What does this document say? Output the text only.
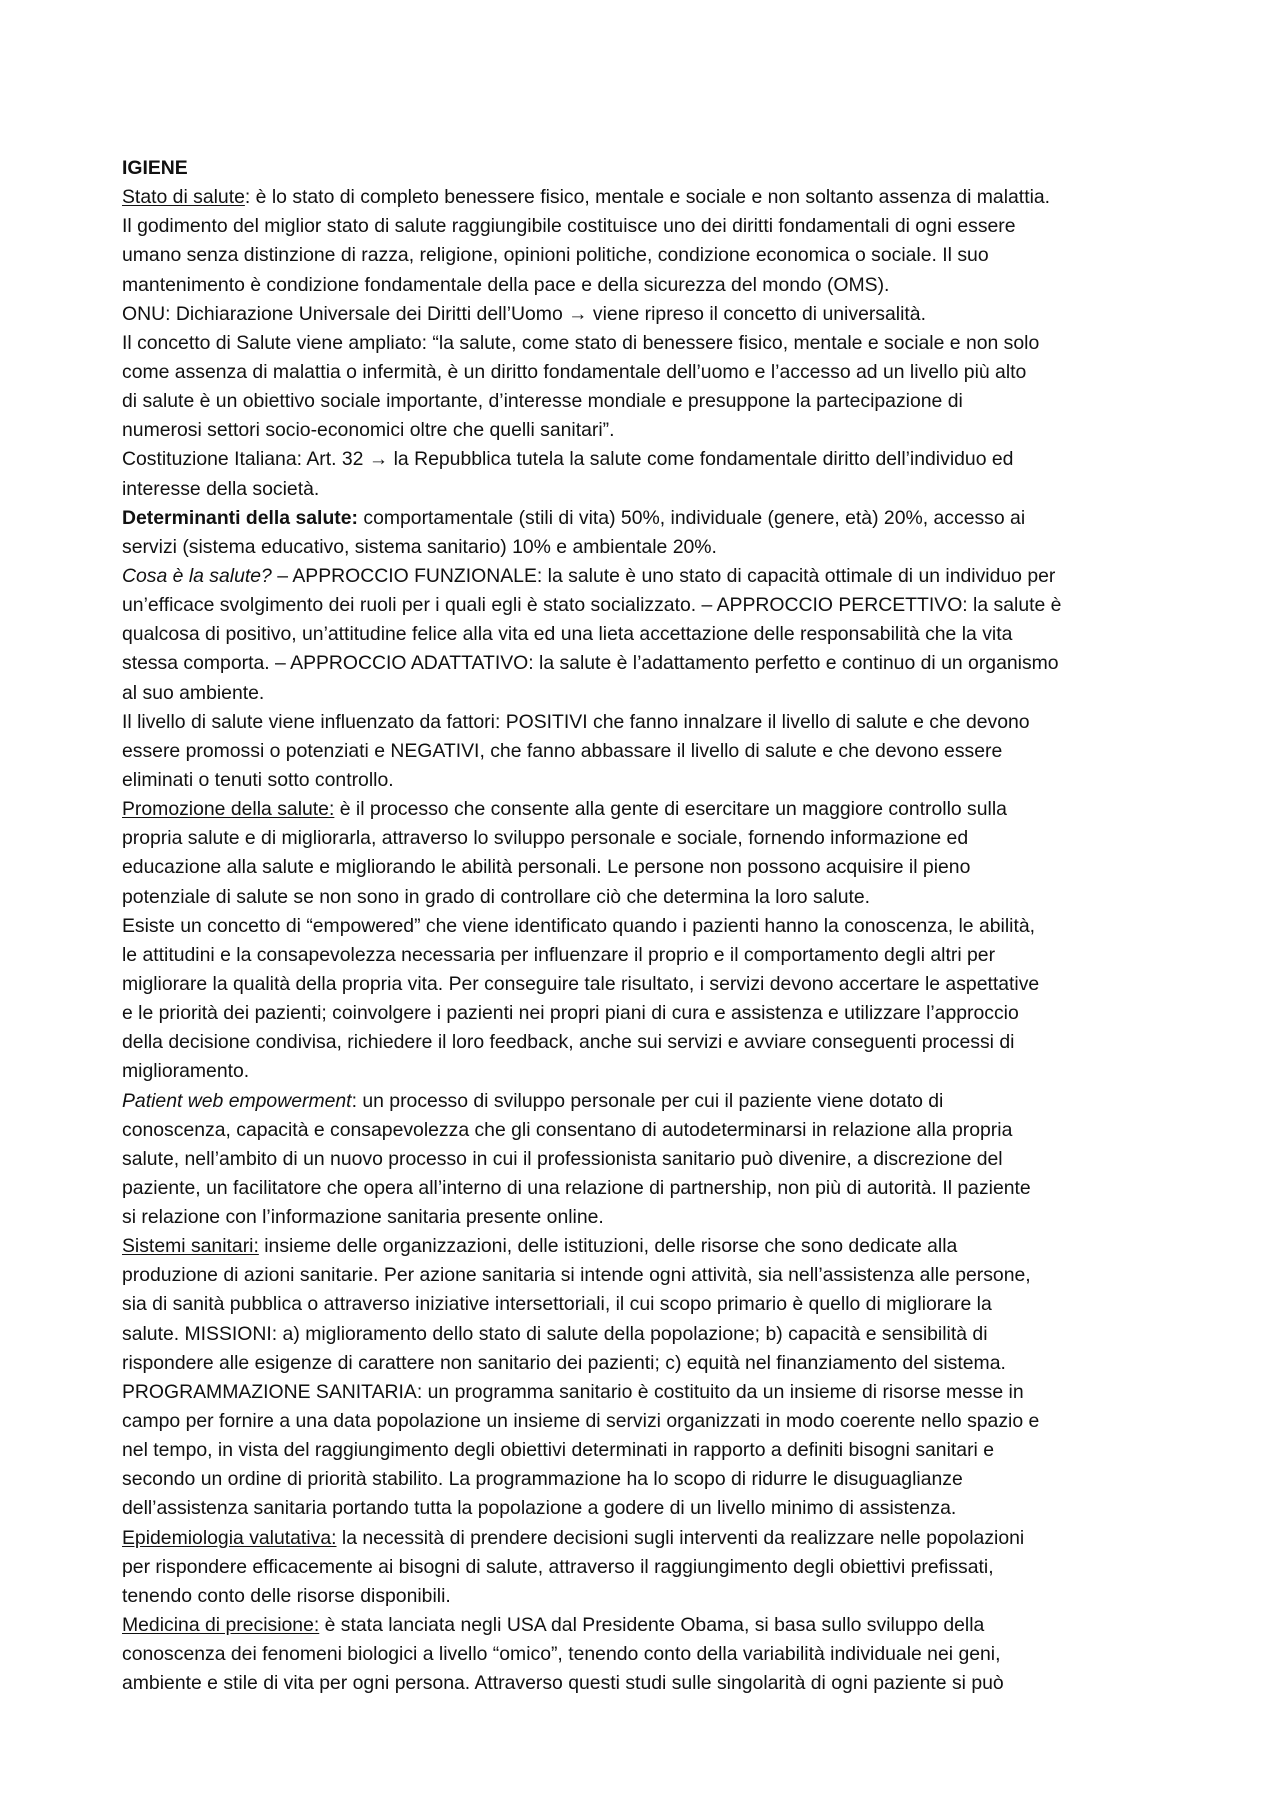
IGIENE
Stato di salute: è lo stato di completo benessere fisico, mentale e sociale e non soltanto assenza di malattia.
Il godimento del miglior stato di salute raggiungibile costituisce uno dei diritti fondamentali di ogni essere
umano senza distinzione di razza, religione, opinioni politiche, condizione economica o sociale. Il suo
mantenimento è condizione fondamentale della pace e della sicurezza del mondo (OMS).
ONU: Dichiarazione Universale dei Diritti dell’Uomo → viene ripreso il concetto di universalità.
Il concetto di Salute viene ampliato: “la salute, come stato di benessere fisico, mentale e sociale e non solo
come assenza di malattia o infermità, è un diritto fondamentale dell’uomo e l’accesso ad un livello più alto
di salute è un obiettivo sociale importante, d’interesse mondiale e presuppone la partecipazione di
numerosi settori socio-economici oltre che quelli sanitari”.
Costituzione Italiana: Art. 32 → la Repubblica tutela la salute come fondamentale diritto dell’individuo ed
interesse della società.
Determinanti della salute: comportamentale (stili di vita) 50%, individuale (genere, età) 20%, accesso ai
servizi (sistema educativo, sistema sanitario) 10% e ambientale 20%.
Cosa è la salute? – APPROCCIO FUNZIONALE: la salute è uno stato di capacità ottimale di un individuo per
un’efficace svolgimento dei ruoli per i quali egli è stato socializzato. – APPROCCIO PERCETTIVO: la salute è
qualcosa di positivo, un’attitudine felice alla vita ed una lieta accettazione delle responsabilità che la vita
stessa comporta. – APPROCCIO ADATTATIVO: la salute è l’adattamento perfetto e continuo di un organismo
al suo ambiente.
Il livello di salute viene influenzato da fattori: POSITIVI che fanno innalzare il livello di salute e che devono
essere promossi o potenziati e NEGATIVI, che fanno abbassare il livello di salute e che devono essere
eliminati o tenuti sotto controllo.
Promozione della salute: è il processo che consente alla gente di esercitare un maggiore controllo sulla
propria salute e di migliorarla, attraverso lo sviluppo personale e sociale, fornendo informazione ed
educazione alla salute e migliorando le abilità personali. Le persone non possono acquisire il pieno
potenziale di salute se non sono in grado di controllare ciò che determina la loro salute.
Esiste un concetto di “empowered” che viene identificato quando i pazienti hanno la conoscenza, le abilità,
le attitudini e la consapevolezza necessaria per influenzare il proprio e il comportamento degli altri per
migliorare la qualità della propria vita. Per conseguire tale risultato, i servizi devono accertare le aspettative
e le priorità dei pazienti; coinvolgere i pazienti nei propri piani di cura e assistenza e utilizzare l’approccio
della decisione condivisa, richiedere il loro feedback, anche sui servizi e avviare conseguenti processi di
miglioramento.
Patient web empowerment: un processo di sviluppo personale per cui il paziente viene dotato di
conoscenza, capacità e consapevolezza che gli consentano di autodeterminarsi in relazione alla propria
salute, nell’ambito di un nuovo processo in cui il professionista sanitario può divenire, a discrezione del
paziente, un facilitatore che opera all’interno di una relazione di partnership, non più di autorità. Il paziente
si relazione con l’informazione sanitaria presente online.
Sistemi sanitari: insieme delle organizzazioni, delle istituzioni, delle risorse che sono dedicate alla
produzione di azioni sanitarie. Per azione sanitaria si intende ogni attività, sia nell’assistenza alle persone,
sia di sanità pubblica o attraverso iniziative intersettoriali, il cui scopo primario è quello di migliorare la
salute. MISSIONI: a) miglioramento dello stato di salute della popolazione; b) capacità e sensibilità di
rispondere alle esigenze di carattere non sanitario dei pazienti; c) equità nel finanziamento del sistema.
PROGRAMMAZIONE SANITARIA: un programma sanitario è costituito da un insieme di risorse messe in
campo per fornire a una data popolazione un insieme di servizi organizzati in modo coerente nello spazio e
nel tempo, in vista del raggiungimento degli obiettivi determinati in rapporto a definiti bisogni sanitari e
secondo un ordine di priorità stabilito. La programmazione ha lo scopo di ridurre le disuguaglianze
dell’assistenza sanitaria portando tutta la popolazione a godere di un livello minimo di assistenza.
Epidemiologia valutativa: la necessità di prendere decisioni sugli interventi da realizzare nelle popolazioni
per rispondere efficacemente ai bisogni di salute, attraverso il raggiungimento degli obiettivi prefissati,
tenendo conto delle risorse disponibili.
Medicina di precisione: è stata lanciata negli USA dal Presidente Obama, si basa sullo sviluppo della
conoscenza dei fenomeni biologici a livello “omico”, tenendo conto della variabilità individuale nei geni,
ambiente e stile di vita per ogni persona. Attraverso questi studi sulle singolarità di ogni paziente si può
